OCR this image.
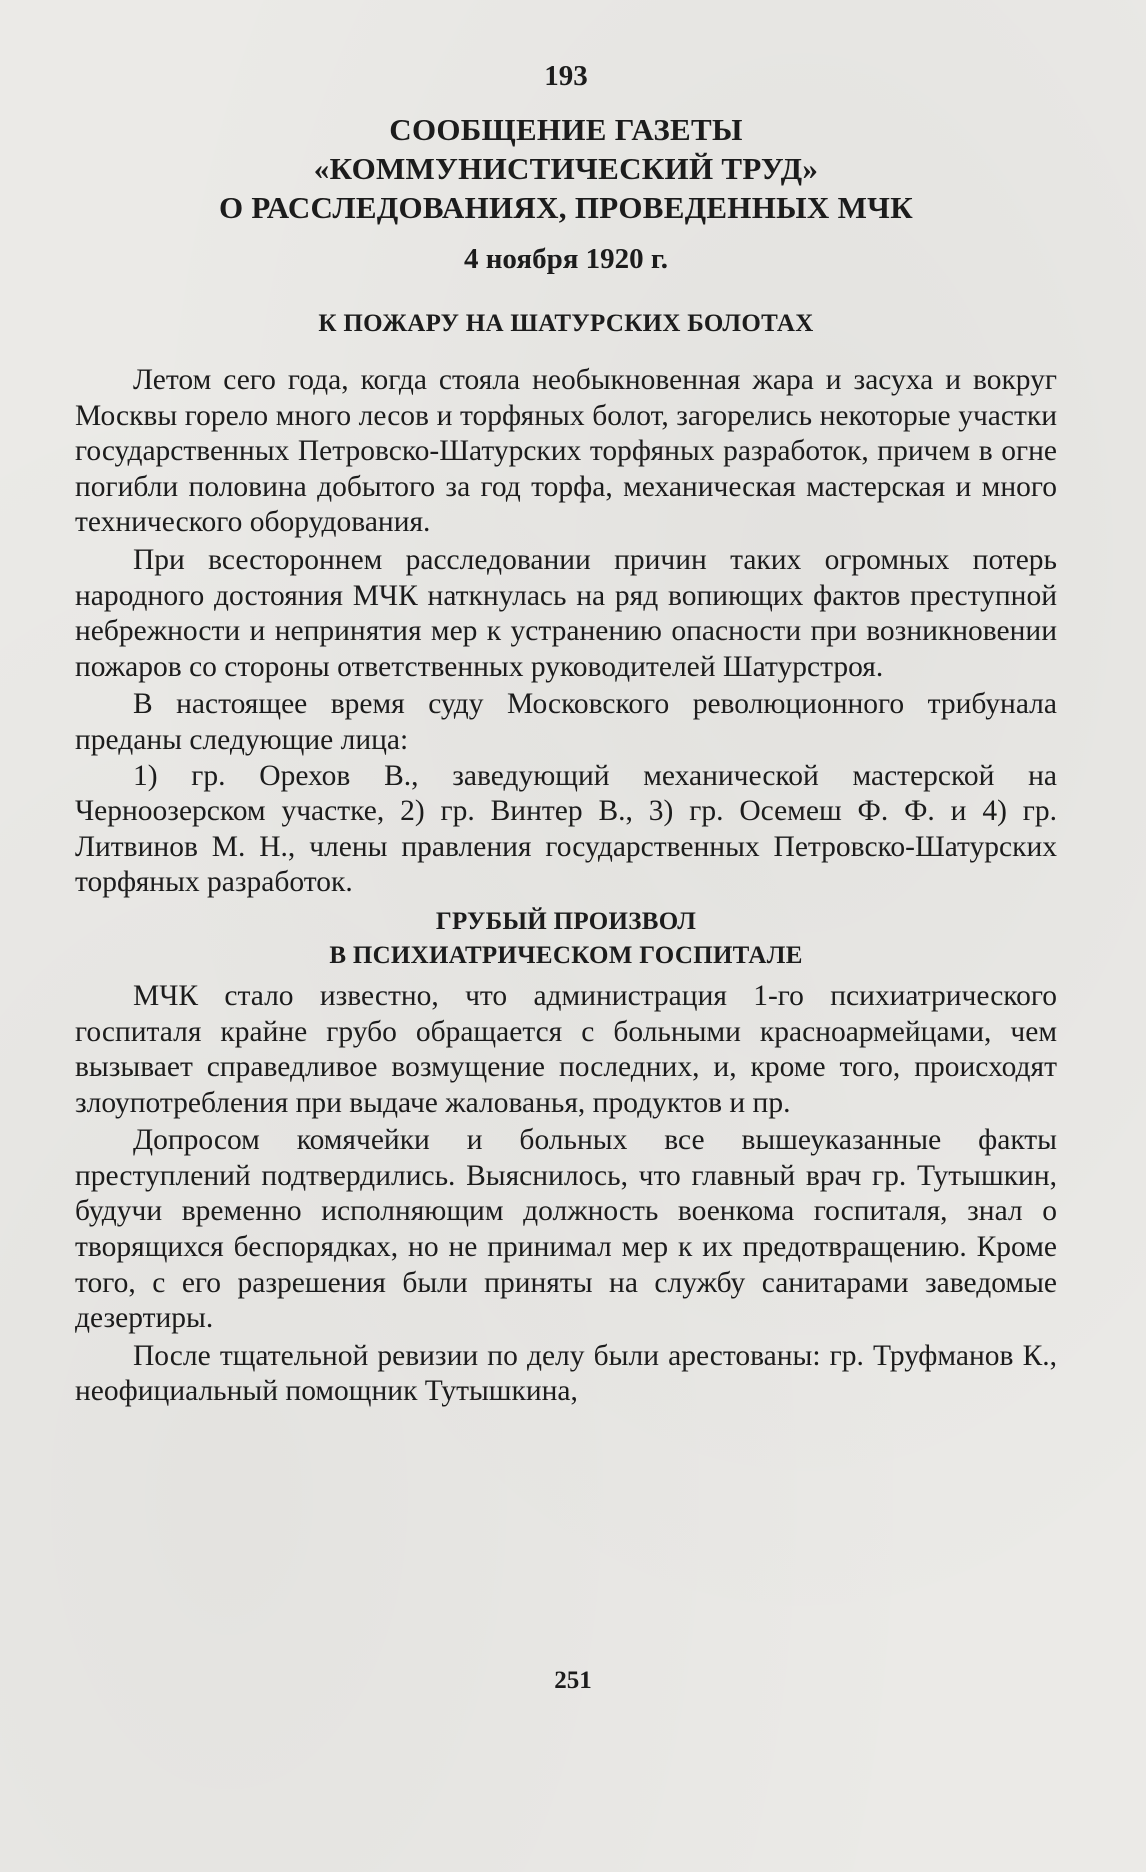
193
СООБЩЕНИЕ ГАЗЕТЫ
«КОММУНИСТИЧЕСКИЙ ТРУД»
О РАССЛЕДОВАНИЯХ, ПРОВЕДЕННЫХ МЧК
4 ноября 1920 г.
К ПОЖАРУ НА ШАТУРСКИХ БОЛОТАХ

Летом сего года, когда стояла необыкновенная жара и засуха и вокруг Москвы горело много лесов и торфяных болот, загорелись некоторые участки государственных Петровско-Шатурских торфяных разработок, причем в огне погибли половина добытого за год торфа, механическая мастерская и много технического оборудования.

При всестороннем расследовании причин таких огромных потерь народного достояния МЧК наткнулась на ряд вопиющих фактов преступной небрежности и непринятия мер к устранению опасности при возникновении пожаров со стороны ответственных руководителей Шатурстроя.

В настоящее время суду Московского революционного трибунала преданы следующие лица:

1) гр. Орехов В., заведующий механической мастерской на Черноозерском участке, 2) гр. Винтер В., 3) гр. Осемеш Ф. Ф. и 4) гр. Литвинов М. Н., члены правления государственных Петровско-Шатурских торфяных разработок.

ГРУБЫЙ ПРОИЗВОЛ
В ПСИХИАТРИЧЕСКОМ ГОСПИТАЛЕ

МЧК стало известно, что администрация 1-го психиатрического госпиталя крайне грубо обращается с больными красноармейцами, чем вызывает справедливое возмущение последних, и, кроме того, происходят злоупотребления при выдаче жалованья, продуктов и пр.

Допросом комячейки и больных все вышеуказанные факты преступлений подтвердились. Выяснилось, что главный врач гр. Тутышкин, будучи временно исполняющим должность военкома госпиталя, знал о творящихся беспорядках, но не принимал мер к их предотвращению. Кроме того, с его разрешения были приняты на службу санитарами заведомые дезертиры.

После тщательной ревизии по делу были арестованы: гр. Труфманов К., неофициальный помощник Тутышкина,

251
